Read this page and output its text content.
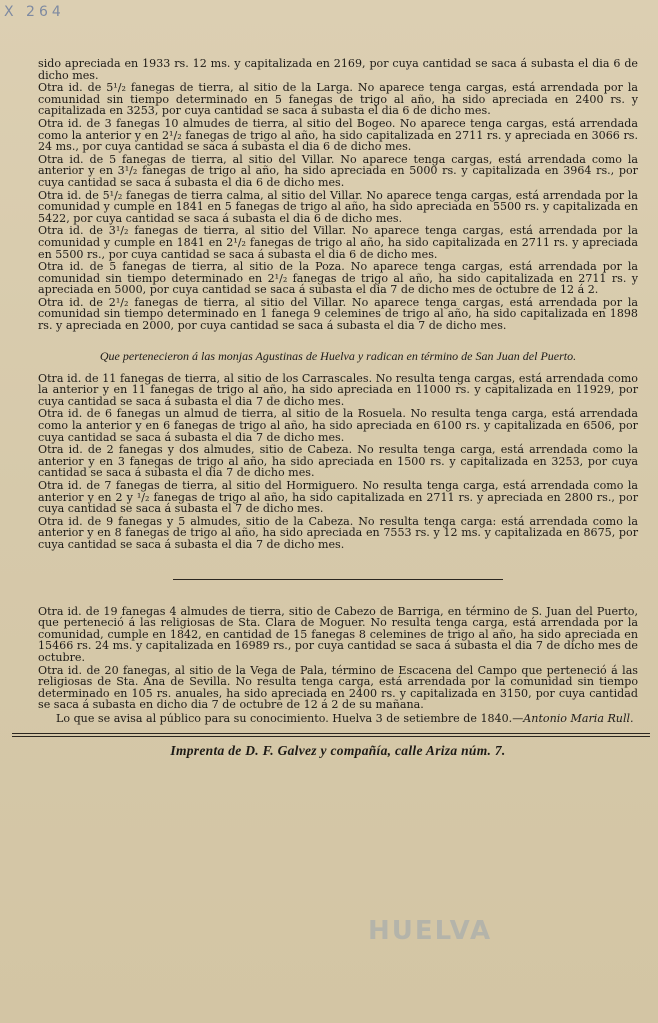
X 264

sido apreciada en 1933 rs. 12 ms. y capitalizada en 2169, por cuya cantidad se saca á subasta el dia 6 de dicho mes.

Otra id. de 5¹/₂ fanegas de tierra, al sitio de la Larga. No aparece tenga cargas, está arrendada por la comunidad sin tiempo determinado en 5 fanegas de trigo al año, ha sido apreciada en 2400 rs. y capitalizada en 3253, por cuya cantidad se saca á subasta el dia 6 de dicho mes.

Otra id. de 3 fanegas 10 almudes de tierra, al sitio del Bogeo. No aparece tenga cargas, está arrendada como la anterior y en 2¹/₂ fanegas de trigo al año, ha sido capitalizada en 2711 rs. y apreciada en 3066 rs. 24 ms., por cuya cantidad se saca á subasta el dia 6 de dicho mes.

Otra id. de 5 fanegas de tierra, al sitio del Villar. No aparece tenga cargas, está arrendada como la anterior y en 3¹/₂ fanegas de trigo al año, ha sido apreciada en 5000 rs. y capitalizada en 3964 rs., por cuya cantidad se saca á subasta el dia 6 de dicho mes.

Otra id. de 5¹/₂ fanegas de tierra calma, al sitio del Villar. No aparece tenga cargas, está arrendada por la comunidad y cumple en 1841 en 5 fanegas de trigo al año, ha sido apreciada en 5500 rs. y capitalizada en 5422, por cuya cantidad se saca á subasta el dia 6 de dicho mes.

Otra id. de 3¹/₂ fanegas de tierra, al sitio del Villar. No aparece tenga cargas, está arrendada por la comunidad y cumple en 1841 en 2¹/₂ fanegas de trigo al año, ha sido capitalizada en 2711 rs. y apreciada en 5500 rs., por cuya cantidad se saca á subasta el dia 6 de dicho mes.

Otra id. de 5 fanegas de tierra, al sitio de la Poza. No aparece tenga cargas, está arrendada por la comunidad sin tiempo determinado en 2¹/₂ fanegas de trigo al año, ha sido capitalizada en 2711 rs. y apreciada en 5000, por cuya cantidad se saca á subasta el dia 7 de dicho mes de octubre de 12 á 2.

Otra id. de 2¹/₂ fanegas de tierra, al sitio del Villar. No aparece tenga cargas, está arrendada por la comunidad sin tiempo determinado en 1 fanega 9 celemines de trigo al año, ha sido capitalizada en 1898 rs. y apreciada en 2000, por cuya cantidad se saca á subasta el dia 7 de dicho mes.

Que pertenecieron á las monjas Agustinas de Huelva y radican en término de San Juan del Puerto.

Otra id. de 11 fanegas de tierra, al sitio de los Carrascales. No resulta tenga cargas, está arrendada como la anterior y en 11 fanegas de trigo al año, ha sido apreciada en 11000 rs. y capitalizada en 11929, por cuya cantidad se saca á subasta el dia 7 de dicho mes.

Otra id. de 6 fanegas un almud de tierra, al sitio de la Rosuela. No resulta tenga carga, está arrendada como la anterior y en 6 fanegas de trigo al año, ha sido apreciada en 6100 rs. y capitalizada en 6506, por cuya cantidad se saca á subasta el dia 7 de dicho mes.

Otra id. de 2 fanegas y dos almudes, sitio de Cabeza. No resulta tenga carga, está arrendada como la anterior y en 3 fanegas de trigo al año, ha sido apreciada en 1500 rs. y capitalizada en 3253, por cuya cantidad se saca á subasta el dia 7 de dicho mes.

Otra id. de 7 fanegas de tierra, al sitio del Hormiguero. No resulta tenga carga, está arrendada como la anterior y en 2 y ¹/₂ fanegas de trigo al año, ha sido capitalizada en 2711 rs. y apreciada en 2800 rs., por cuya cantidad se saca á subasta el 7 de dicho mes.

Otra id. de 9 fanegas y 5 almudes, sitio de la Cabeza. No resulta tenga carga: está arrendada como la anterior y en 8 fanegas de trigo al año, ha sido apreciada en 7553 rs. y 12 ms. y capitalizada en 8675, por cuya cantidad se saca á subasta el dia 7 de dicho mes.

Otra id. de 19 fanegas 4 almudes de tierra, sitio de Cabezo de Barriga, en término de S. Juan del Puerto, que perteneció á las religiosas de Sta. Clara de Moguer. No resulta tenga carga, está arrendada por la comunidad, cumple en 1842, en cantidad de 15 fanegas 8 celemines de trigo al año, ha sido apreciada en 15466 rs. 24 ms. y capitalizada en 16989 rs., por cuya cantidad se saca á subasta el dia 7 de dicho mes de octubre.

Otra id. de 20 fanegas, al sitio de la Vega de Pala, término de Escacena del Campo que perteneció á las religiosas de Sta. Ana de Sevilla. No resulta tenga carga, está arrendada por la comunidad sin tiempo determinado en 105 rs. anuales, ha sido apreciada en 2400 rs. y capitalizada en 3150, por cuya cantidad se saca á subasta en dicho dia 7 de octubre de 12 á 2 de su mañana.

Lo que se avisa al público para su conocimiento. Huelva 3 de setiembre de 1840.—Antonio Maria Rull.

Imprenta de D. F. Galvez y compañía, calle Ariza núm. 7.
HUELVA
